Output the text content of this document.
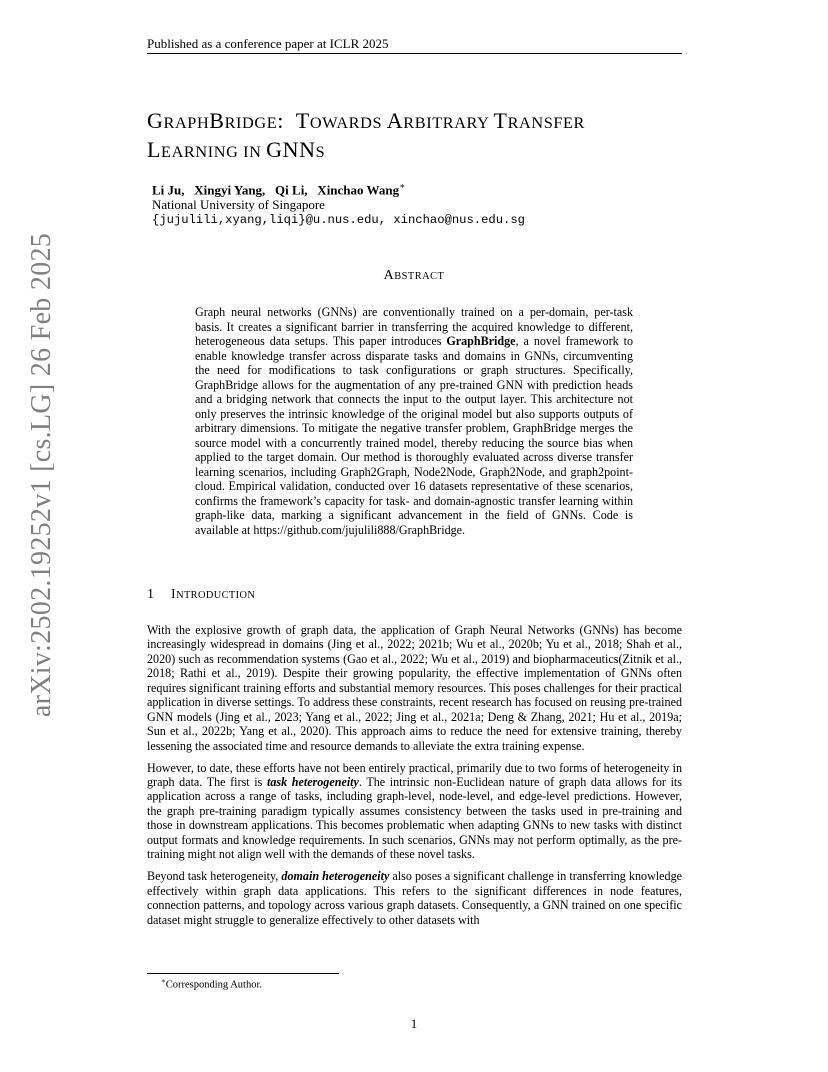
Published as a conference paper at ICLR 2025
arXiv:2502.19252v1 [cs.LG] 26 Feb 2025
GRAPHBRIDGE:  TOWARDS ARBITRARY TRANSFER
LEARNING IN GNNS
Li Ju,   Xingyi Yang,   Qi Li,   Xinchao Wang∗
National University of Singapore
{jujulili,xyang,liqi}@u.nus.edu, xinchao@nus.edu.sg
ABSTRACT
Graph neural networks (GNNs) are conventionally trained on a per-domain, per-task basis. It creates a significant barrier in transferring the acquired knowledge to different, heterogeneous data setups. This paper introduces GraphBridge, a novel framework to enable knowledge transfer across disparate tasks and domains in GNNs, circumventing the need for modifications to task configurations or graph structures. Specifically, GraphBridge allows for the augmentation of any pre-trained GNN with prediction heads and a bridging network that connects the input to the output layer. This architecture not only preserves the intrinsic knowledge of the original model but also supports outputs of arbitrary dimensions. To mitigate the negative transfer problem, GraphBridge merges the source model with a concurrently trained model, thereby reducing the source bias when applied to the target domain. Our method is thoroughly evaluated across diverse transfer learning scenarios, including Graph2Graph, Node2Node, Graph2Node, and graph2point-cloud. Empirical validation, conducted over 16 datasets representative of these scenarios, confirms the framework’s capacity for task- and domain-agnostic transfer learning within graph-like data, marking a significant advancement in the field of GNNs. Code is available at https://github.com/jujulili888/GraphBridge.
1 INTRODUCTION

With the explosive growth of graph data, the application of Graph Neural Networks (GNNs) has become increasingly widespread in domains (Jing et al., 2022; 2021b; Wu et al., 2020b; Yu et al., 2018; Shah et al., 2020) such as recommendation systems (Gao et al., 2022; Wu et al., 2019) and biopharmaceutics(Zitnik et al., 2018; Rathi et al., 2019). Despite their growing popularity, the effective implementation of GNNs often requires significant training efforts and substantial memory resources. This poses challenges for their practical application in diverse settings. To address these constraints, recent research has focused on reusing pre-trained GNN models (Jing et al., 2023; Yang et al., 2022; Jing et al., 2021a; Deng & Zhang, 2021; Hu et al., 2019a; Sun et al., 2022b; Yang et al., 2020). This approach aims to reduce the need for extensive training, thereby lessening the associated time and resource demands to alleviate the extra training expense.

However, to date, these efforts have not been entirely practical, primarily due to two forms of heterogeneity in graph data. The first is task heterogeneity. The intrinsic non-Euclidean nature of graph data allows for its application across a range of tasks, including graph-level, node-level, and edge-level predictions. However, the graph pre-training paradigm typically assumes consistency between the tasks used in pre-training and those in downstream applications. This becomes problematic when adapting GNNs to new tasks with distinct output formats and knowledge requirements. In such scenarios, GNNs may not perform optimally, as the pre-training might not align well with the demands of these novel tasks.

Beyond task heterogeneity, domain heterogeneity also poses a significant challenge in transferring knowledge effectively within graph data applications. This refers to the significant differences in node features, connection patterns, and topology across various graph datasets. Consequently, a GNN trained on one specific dataset might struggle to generalize effectively to other datasets with

∗Corresponding Author.
1
